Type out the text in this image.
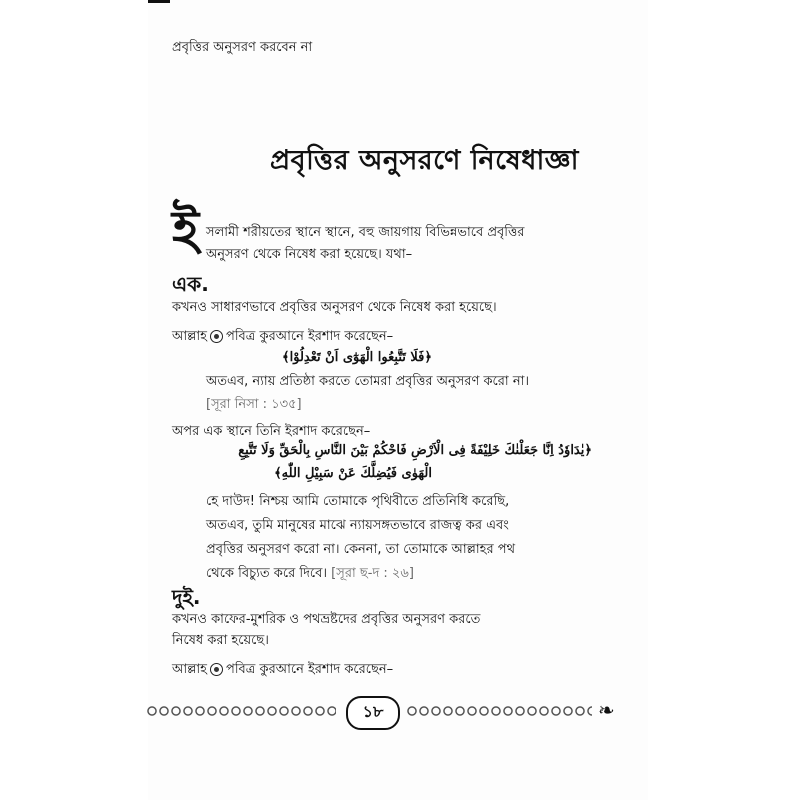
প্রবৃত্তির অনুসরণ করবেন না
প্রবৃত্তির অনুসরণে নিষেধাজ্ঞা
ই সলামী শরীয়তের স্থানে স্থানে, বহু জায়গায় বিভিন্নভাবে প্রবৃত্তির
অনুসরণ থেকে নিষেধ করা হয়েছে। যথা–
এক.
কখনও সাধারণভাবে প্রবৃত্তির অনুসরণ থেকে নিষেধ করা হয়েছে।
আল্লাহ পবিত্র কুরআনে ইরশাদ করেছেন–
﴿فَلَا تَتَّبِعُوا الْهَوٰٓى اَنْ تَعْدِلُوْا﴾
অতএব, ন্যায় প্রতিষ্ঠা করতে তোমরা প্রবৃত্তির অনুসরণ করো না।
[সূরা নিসা : ১৩৫]
অপর এক স্থানে তিনি ইরশাদ করেছেন–
﴿يٰدَاوٗدُ اِنَّا جَعَلْنٰكَ خَلِيْفَةً فِى الْاَرْضِ فَاحْكُمْ بَيْنَ النَّاسِ بِالْحَقِّ وَلَا تَتَّبِعِ
الْهَوٰى فَيُضِلَّكَ عَنْ سَبِيْلِ اللّٰهِ﴾
হে দাউদ! নিশ্চয় আমি তোমাকে পৃথিবীতে প্রতিনিধি করেছি,
অতএব, তুমি মানুষের মাঝে ন্যায়সঙ্গতভাবে রাজত্ব কর এবং
প্রবৃত্তির অনুসরণ করো না। কেননা, তা তোমাকে আল্লাহর পথ
থেকে বিচ্যুত করে দিবে। [সূরা ছ-দ : ২৬]
দুই.
কখনও কাফের-মুশরিক ও পথভ্রষ্টদের প্রবৃত্তির অনুসরণ করতে
নিষেধ করা হয়েছে।
আল্লাহ পবিত্র কুরআনে ইরশাদ করেছেন–
১৮	❧
